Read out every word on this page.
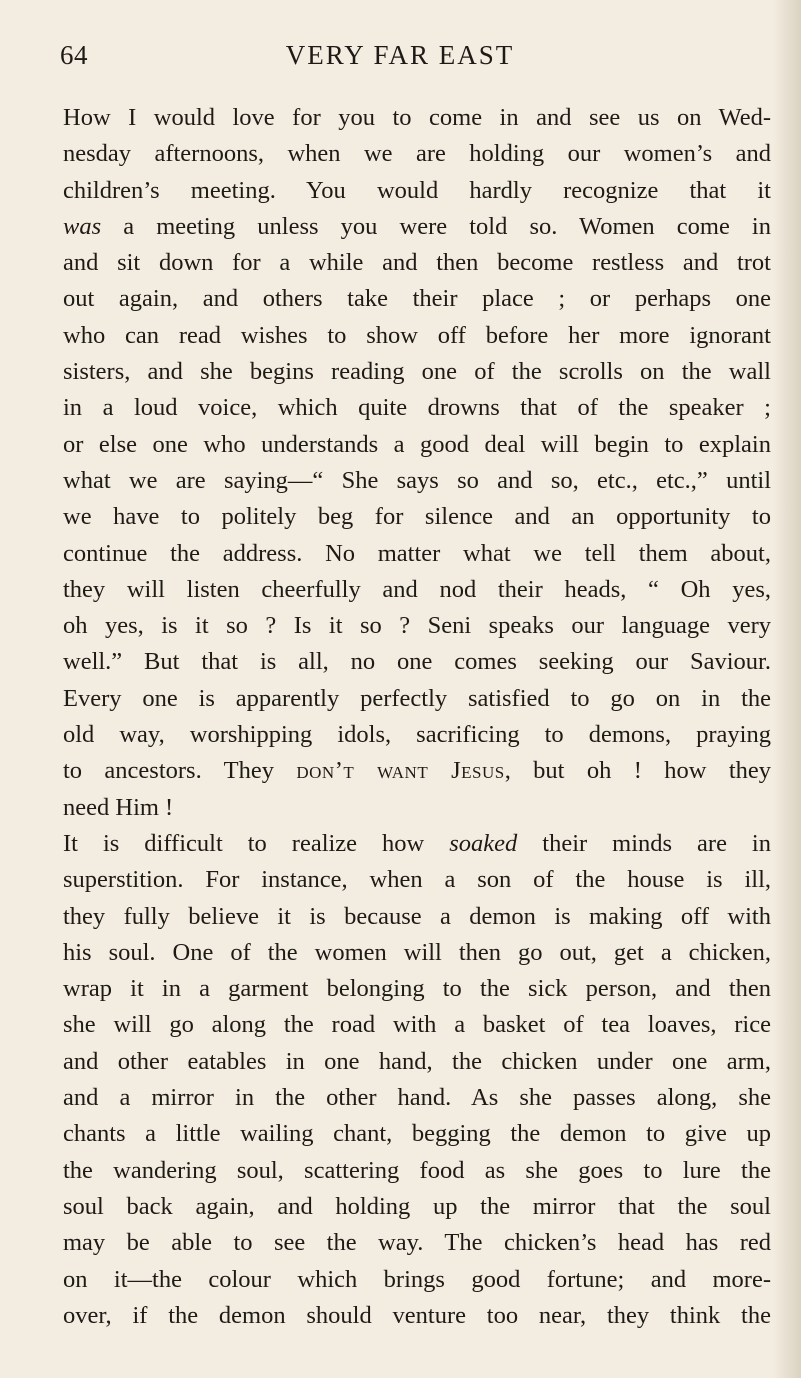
64	VERY FAR EAST
How I would love for you to come in and see us on Wed-
nesday afternoons, when we are holding our women’s and
children’s meeting. You would hardly recognize that it
was a meeting unless you were told so. Women come in
and sit down for a while and then become restless and trot
out again, and others take their place ; or perhaps one
who can read wishes to show off before her more ignorant
sisters, and she begins reading one of the scrolls on the wall
in a loud voice, which quite drowns that of the speaker ;
or else one who understands a good deal will begin to explain
what we are saying—“ She says so and so, etc., etc.,” until
we have to politely beg for silence and an opportunity to
continue the address. No matter what we tell them about,
they will listen cheerfully and nod their heads, “ Oh yes,
oh yes, is it so ? Is it so ? Seni speaks our language very
well.” But that is all, no one comes seeking our Saviour.
Every one is apparently perfectly satisfied to go on in the
old way, worshipping idols, sacrificing to demons, praying
to ancestors. They don’t want Jesus, but oh ! how they
need Him !
It is difficult to realize how soaked their minds are in
superstition. For instance, when a son of the house is ill,
they fully believe it is because a demon is making off with
his soul. One of the women will then go out, get a chicken,
wrap it in a garment belonging to the sick person, and then
she will go along the road with a basket of tea loaves, rice
and other eatables in one hand, the chicken under one arm,
and a mirror in the other hand. As she passes along, she
chants a little wailing chant, begging the demon to give up
the wandering soul, scattering food as she goes to lure the
soul back again, and holding up the mirror that the soul
may be able to see the way. The chicken’s head has red
on it—the colour which brings good fortune; and more-
over, if the demon should venture too near, they think the
